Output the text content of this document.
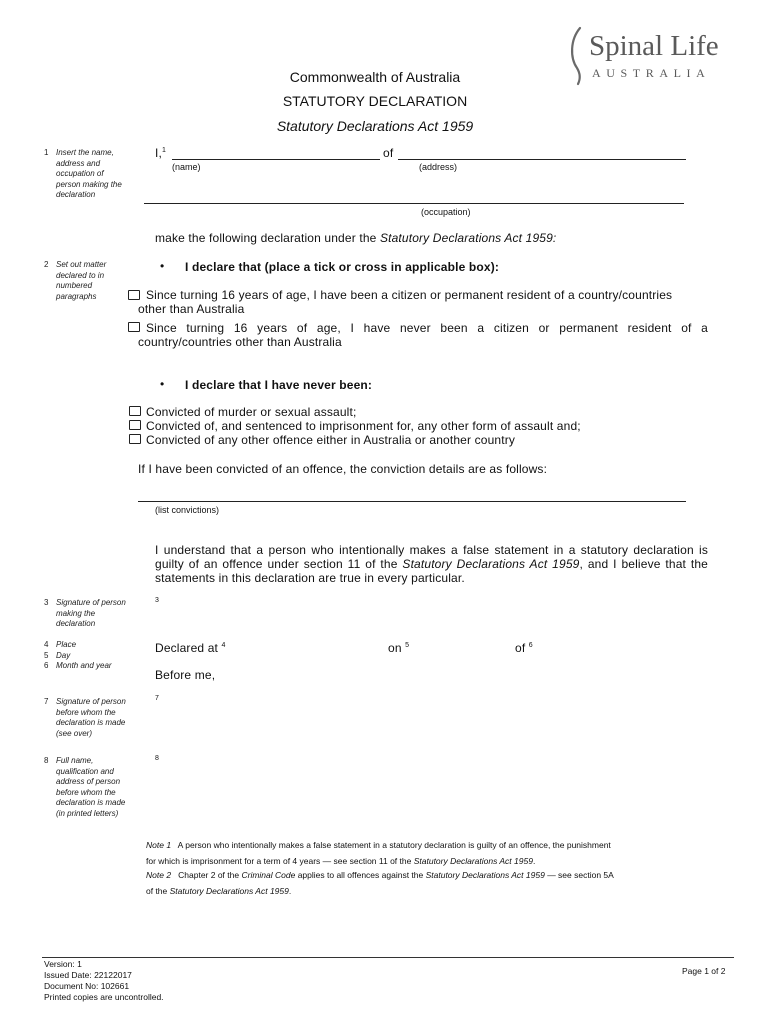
Spinal Life
AUSTRALIA
Commonwealth of Australia
STATUTORY DECLARATION
Statutory Declarations Act 1959
1 Insert the name, address and occupation of person making the declaration
2 Set out matter declared to in numbered paragraphs
3 Signature of person making the declaration
4 Place
5 Day
6 Month and year
7 Signature of person before whom the declaration is made (see over)
8 Full name, qualification and address of person before whom the declaration is made (in printed letters)
I,$^1$	of
(name)	(address)
(occupation)
make the following declaration under the Statutory Declarations Act 1959:
• I declare that (place a tick or cross in applicable box):
Since turning 16 years of age, I have been a citizen or permanent resident of a country/countries
other than Australia
Since turning 16 years of age, I have never been a citizen or permanent resident of a
country/countries other than Australia
• I declare that I have never been:
Convicted of murder or sexual assault;
Convicted of, and sentenced to imprisonment for, any other form of assault and;
Convicted of any other offence either in Australia or another country
If I have been convicted of an offence, the conviction details are as follows:
(list convictions)
I understand that a person who intentionally makes a false statement in a statutory declaration is
guilty of an offence under section 11 of the Statutory Declarations Act 1959, and I believe that the
statements in this declaration are true in every particular.
3
Declared at $^4$	on $^5$	of $^6$
Before me,
7
8
Note 1 A person who intentionally makes a false statement in a statutory declaration is guilty of an offence, the punishment
for which is imprisonment for a term of 4 years — see section 11 of the Statutory Declarations Act 1959.
Note 2 Chapter 2 of the Criminal Code applies to all offences against the Statutory Declarations Act 1959 — see section 5A
of the Statutory Declarations Act 1959.
Version: 1
Issued Date: 22122017
Document No: 102661
Printed copies are uncontrolled.
Page 1 of 2
